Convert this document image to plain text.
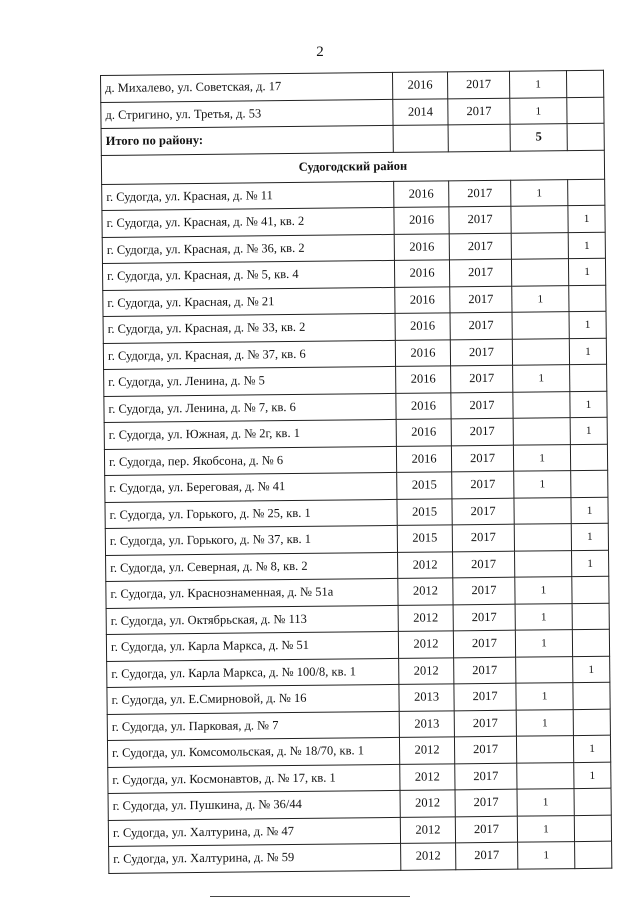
2
д. Михалево, ул. Советская, д. 17	2016	2017	1	
д. Стригино, ул. Третья, д. 53	2014	2017	1	
Итого по району:			5	
Судогодский район				
г. Судогда, ул. Красная, д. № 11	2016	2017	1	
г. Судогда, ул. Красная, д. № 41, кв. 2	2016	2017		1
г. Судогда, ул. Красная, д. № 36, кв. 2	2016	2017		1
г. Судогда, ул. Красная, д. № 5, кв. 4	2016	2017		1
г. Судогда, ул. Красная, д. № 21	2016	2017	1	
г. Судогда, ул. Красная, д. № 33, кв. 2	2016	2017		1
г. Судогда, ул. Красная, д. № 37, кв. 6	2016	2017		1
г. Судогда, ул. Ленина, д. № 5	2016	2017	1	
г. Судогда, ул. Ленина, д. № 7, кв. 6	2016	2017		1
г. Судогда, ул. Южная, д. № 2г, кв. 1	2016	2017		1
г. Судогда, пер. Якобсона, д. № 6	2016	2017	1	
г. Судогда, ул. Береговая, д. № 41	2015	2017	1	
г. Судогда, ул. Горького, д. № 25, кв. 1	2015	2017		1
г. Судогда, ул. Горького, д. № 37, кв. 1	2015	2017		1
г. Судогда, ул. Северная, д. № 8, кв. 2	2012	2017		1
г. Судогда, ул. Краснознаменная, д. № 51а	2012	2017	1	
г. Судогда, ул. Октябрьская, д. № 113	2012	2017	1	
г. Судогда, ул. Карла Маркса, д. № 51	2012	2017	1	
г. Судогда, ул. Карла Маркса, д. № 100/8, кв. 1	2012	2017		1
г. Судогда, ул. Е.Смирновой, д. № 16	2013	2017	1	
г. Судогда, ул. Парковая, д. № 7	2013	2017	1	
г. Судогда, ул. Комсомольская, д. № 18/70, кв. 1	2012	2017		1
г. Судогда, ул. Космонавтов, д. № 17, кв. 1	2012	2017		1
г. Судогда, ул. Пушкина, д. № 36/44	2012	2017	1	
г. Судогда, ул. Халтурина, д. № 47	2012	2017	1	
г. Судогда, ул. Халтурина, д. № 59	2012	2017	1	
